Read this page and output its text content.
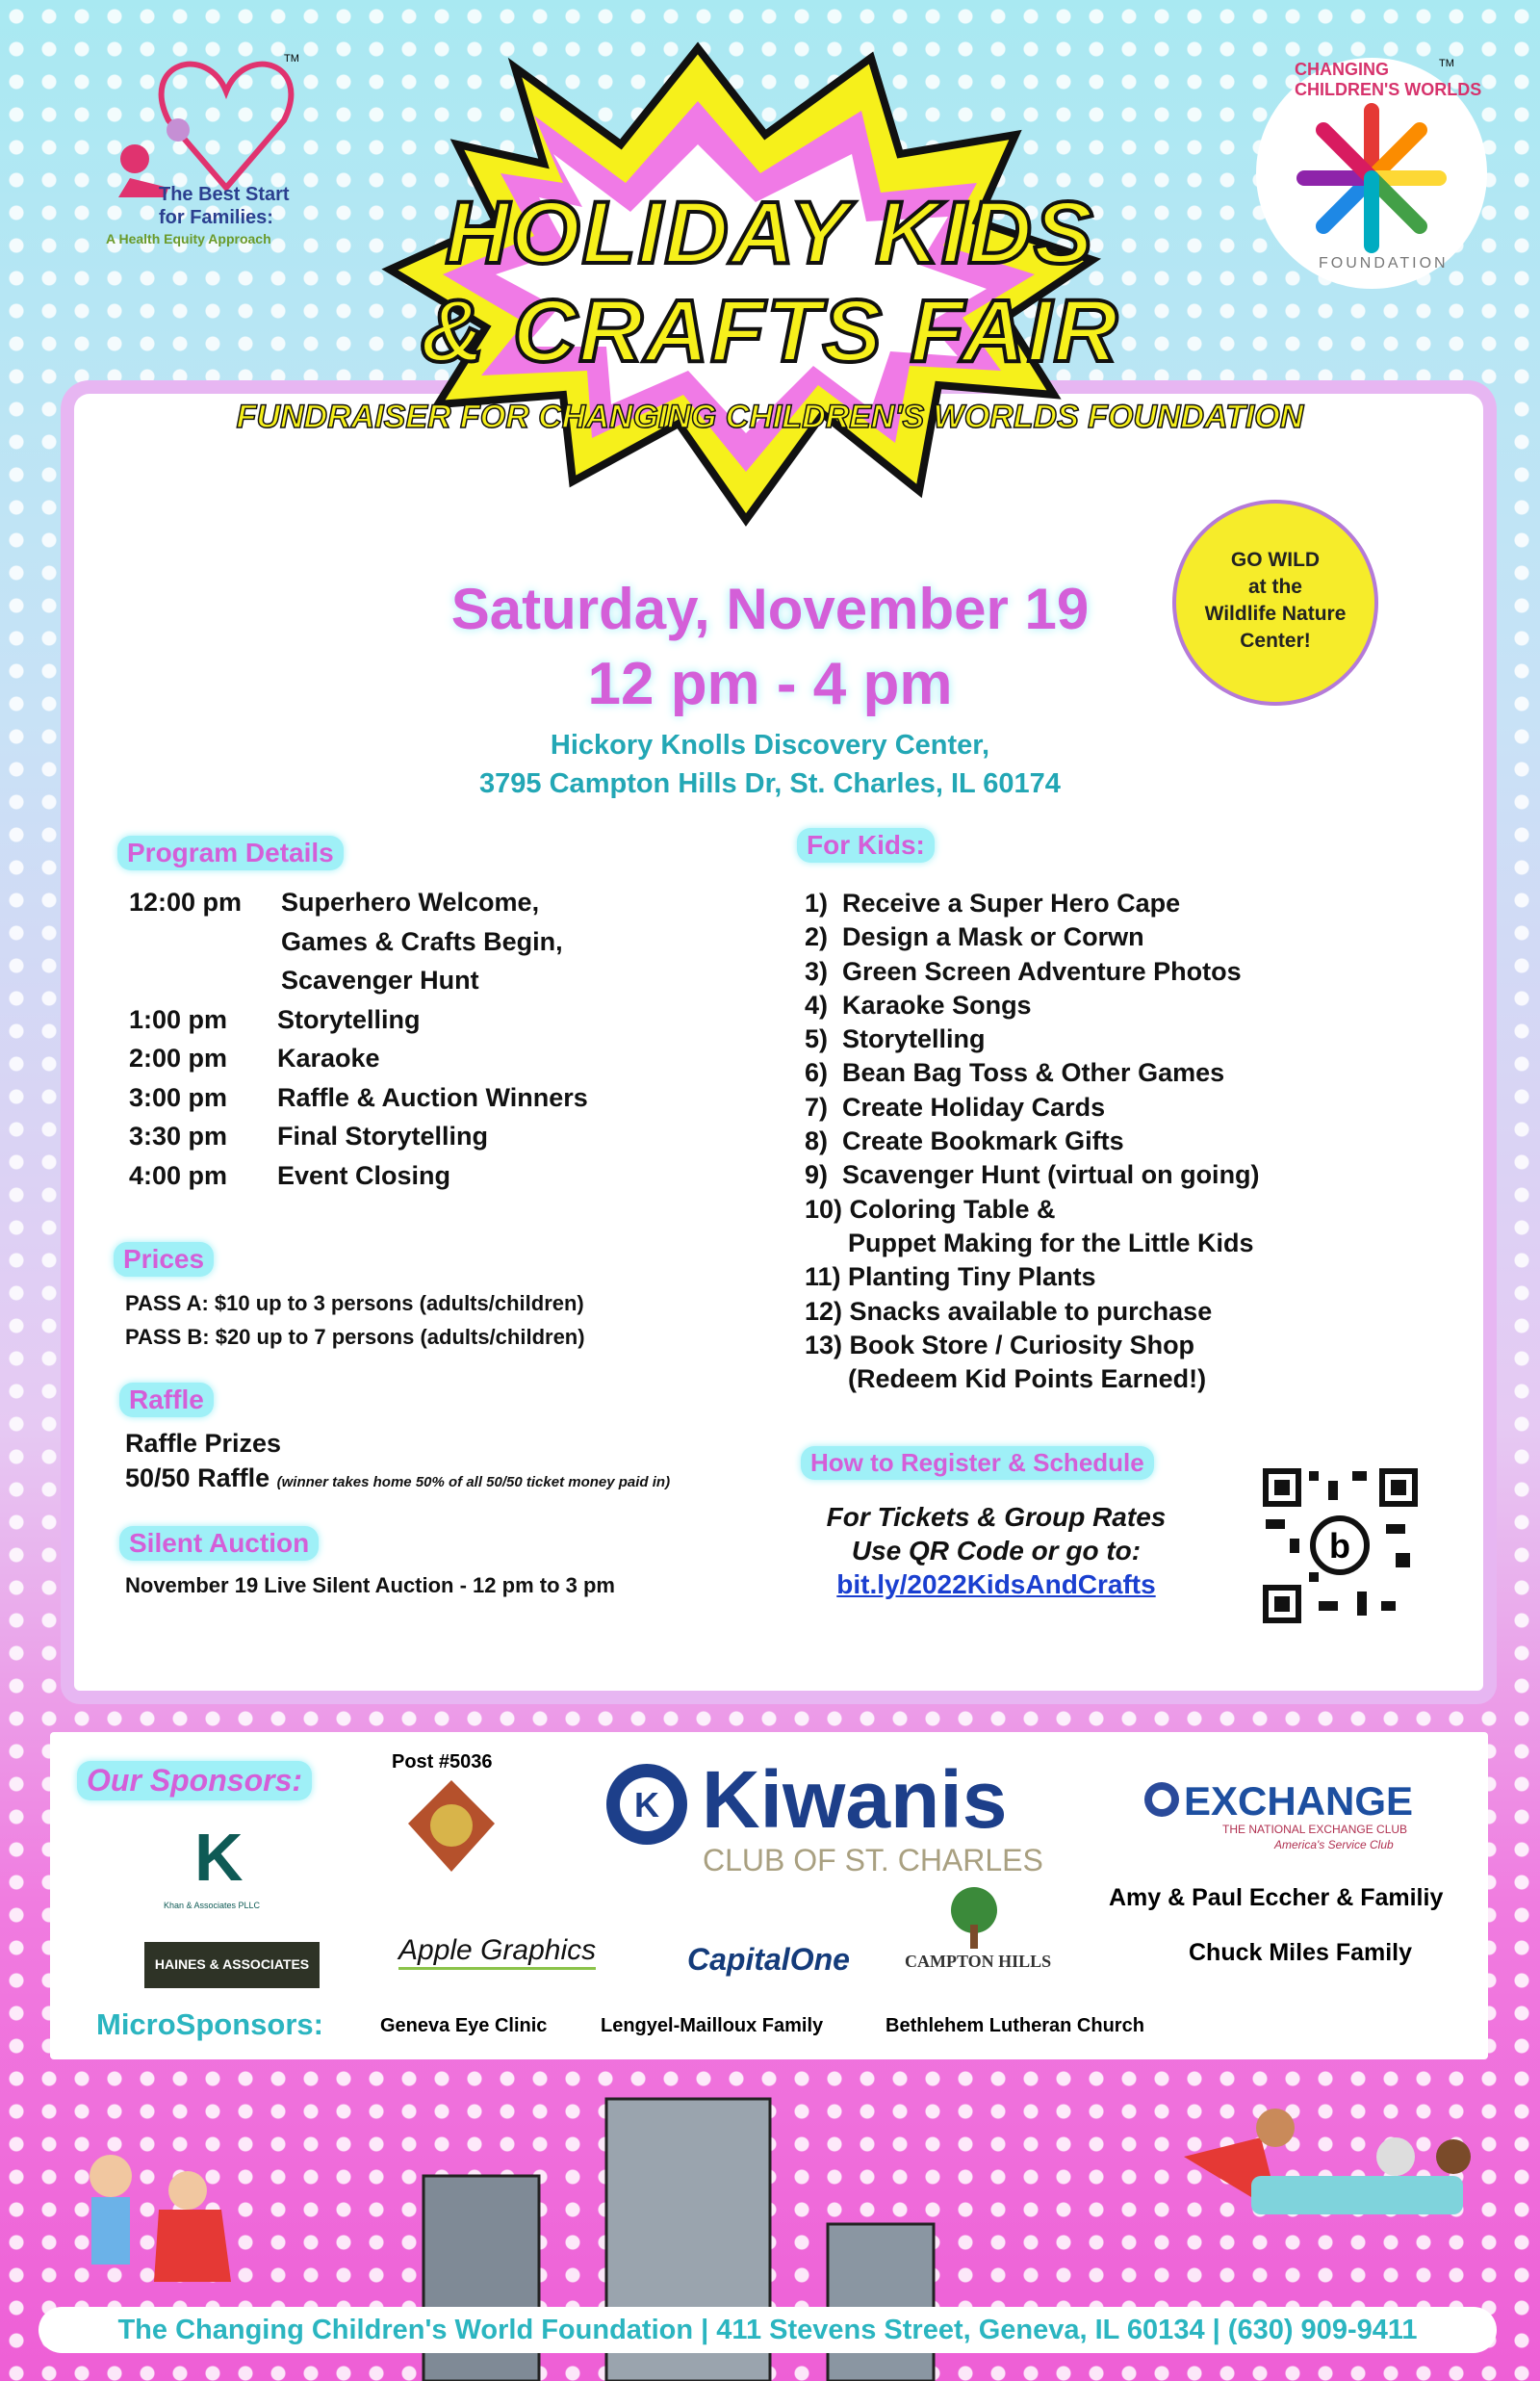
HOLIDAY KIDS
& CRAFTS FAIR
FUNDRAISER FOR CHANGING CHILDREN'S WORLDS FOUNDATION
The Best Start
for Families:
A Health Equity Approach
TM
CHANGING CHILDREN'S WORLDS
FOUNDATION
TM
GO WILD
at the
Wildlife Nature
Center!
Saturday, November 19
12 pm - 4 pm
Hickory Knolls Discovery Center,
3795 Campton Hills Dr, St. Charles, IL 60174
Program Details
12:00 pm Superhero Welcome,
Games & Crafts Begin,
Scavenger Hunt
1:00 pm Storytelling
2:00 pm Karaoke
3:00 pm Raffle & Auction Winners
3:30 pm Final Storytelling
4:00 pm Event Closing
Prices
PASS A: $10 up to 3 persons (adults/children)
PASS B: $20 up to 7 persons (adults/children)
Raffle
Raffle Prizes
50/50 Raffle (winner takes home 50% of all 50/50 ticket money paid in)
Silent Auction
November 19 Live Silent Auction - 12 pm to 3 pm
For Kids:
1)  Receive a Super Hero Cape
2)  Design a Mask or Corwn
3)  Green Screen Adventure Photos
4)  Karaoke Songs
5)  Storytelling
6)  Bean Bag Toss & Other Games
7)  Create Holiday Cards
8)  Create Bookmark Gifts
9)  Scavenger Hunt (virtual on going)
10) Coloring Table &
Puppet Making for the Little Kids
11) Planting Tiny Plants
12) Snacks available to purchase
13) Book Store / Curiosity Shop
(Redeem Kid Points Earned!)
How to Register & Schedule
For Tickets & Group Rates
Use QR Code or go to:
bit.ly/2022KidsAndCrafts
b
Our Sponsors:
Post #5036
K Kiwanis
CLUB OF ST. CHARLES
EXCHANGE
THE NATIONAL EXCHANGE CLUB
America's Service Club
K
Khan & Associates PLLC
HAINES & ASSOCIATES	Apple Graphics	CapitalOne	CAMPTON HILLS
Amy & Paul Eccher & Familiy
Chuck Miles Family
MicroSponsors:	Geneva Eye Clinic	Lengyel-Mailloux Family	Bethlehem Lutheran Church
The Changing Children's World Foundation | 411 Stevens Street, Geneva, IL 60134 | (630) 909-9411
